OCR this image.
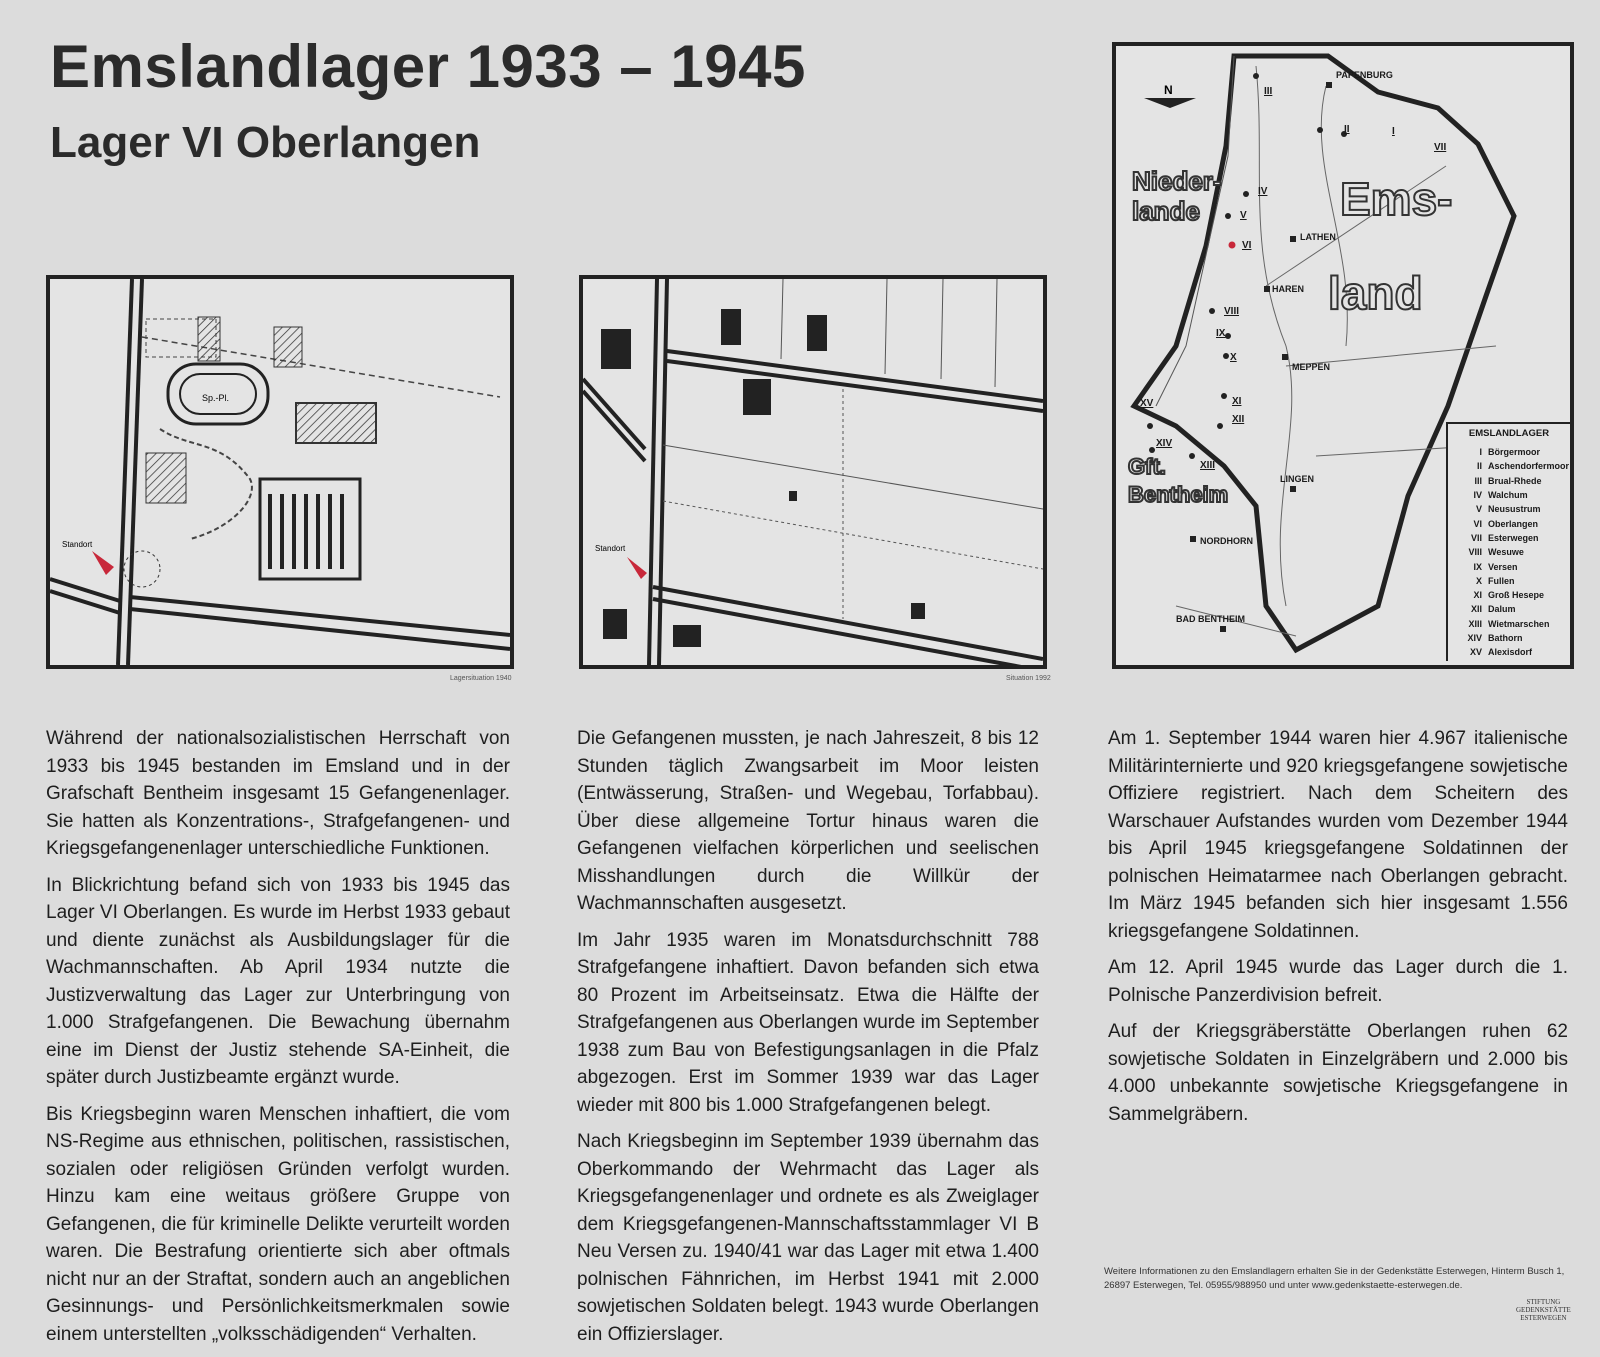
Emslandlager 1933 – 1945
Lager VI Oberlangen
Sp.-Pl.
Standort
Lagersituation 1940
Standort
Situation 1992
N
Nieder-
lande	Ems-
land
Gft.
Bentheim
PAPENBURG
LATHEN
HAREN
MEPPEN
LINGEN
NORDHORN
BAD BENTHEIM
I
II
III
IV
V
VI
VII
VIII
IX
X
XI
XII
XIII
XIV
XV
EMSLANDLAGER
I Börgermoor
II Aschendorfermoor
III Brual-Rhede
IV Walchum
V Neusustrum
VI Oberlangen
VII Esterwegen
VIII Wesuwe
IX Versen
X Fullen
XI Groß Hesepe
XII Dalum
XIII Wietmarschen
XIV Bathorn
XV Alexisdorf

Während der nationalsozialistischen Herrschaft von 1933 bis 1945 bestanden im Emsland und in der Grafschaft Bentheim insgesamt 15 Gefangenenlager. Sie hatten als Konzentrations-, Strafgefangenen- und Kriegsgefangenenlager unterschiedliche Funktionen.

In Blickrichtung befand sich von 1933 bis 1945 das Lager VI Oberlangen. Es wurde im Herbst 1933 gebaut und diente zunächst als Ausbildungslager für die Wachmannschaften. Ab April 1934 nutzte die Justizverwaltung das Lager zur Unterbringung von 1.000 Strafgefangenen. Die Bewachung übernahm eine im Dienst der Justiz stehende SA-Einheit, die später durch Justizbeamte ergänzt wurde.

Bis Kriegsbeginn waren Menschen inhaftiert, die vom NS-Regime aus ethnischen, politischen, rassistischen, sozialen oder religiösen Gründen verfolgt wurden. Hinzu kam eine weitaus größere Gruppe von Gefangenen, die für kriminelle Delikte verurteilt worden waren. Die Bestrafung orientierte sich aber oftmals nicht nur an der Straftat, sondern auch an angeblichen Gesinnungs- und Persönlichkeitsmerkmalen sowie einem unterstellten „volksschädigenden“ Verhalten.

Die Gefangenen mussten, je nach Jahreszeit, 8 bis 12 Stunden täglich Zwangsarbeit im Moor leisten (Entwässerung, Straßen- und Wegebau, Torfabbau). Über diese allgemeine Tortur hinaus waren die Gefangenen vielfachen körperlichen und seelischen Misshandlungen durch die Willkür der Wachmannschaften ausgesetzt.

Im Jahr 1935 waren im Monatsdurchschnitt 788 Strafgefangene inhaftiert. Davon befanden sich etwa 80 Prozent im Arbeitseinsatz. Etwa die Hälfte der Strafgefangenen aus Oberlangen wurde im September 1938 zum Bau von Befestigungsanlagen in die Pfalz abgezogen. Erst im Sommer 1939 war das Lager wieder mit 800 bis 1.000 Strafgefangenen belegt.

Nach Kriegsbeginn im September 1939 übernahm das Oberkommando der Wehrmacht das Lager als Kriegsgefangenenlager und ordnete es als Zweiglager dem Kriegsgefangenen-Mannschaftsstammlager VI B Neu Versen zu. 1940/41 war das Lager mit etwa 1.400 polnischen Fähnrichen, im Herbst 1941 mit 2.000 sowjetischen Soldaten belegt. 1943 wurde Oberlangen ein Offizierslager.

Am 1. September 1944 waren hier 4.967 italienische Militärinternierte und 920 kriegsgefangene sowjetische Offiziere registriert. Nach dem Scheitern des Warschauer Aufstandes wurden vom Dezember 1944 bis April 1945 kriegsgefangene Soldatinnen der polnischen Heimatarmee nach Oberlangen gebracht. Im März 1945 befanden sich hier insgesamt 1.556 kriegsgefangene Soldatinnen.

Am 12. April 1945 wurde das Lager durch die 1. Polnische Panzerdivision befreit.

Auf der Kriegsgräberstätte Oberlangen ruhen 62 sowjetische Soldaten in Einzelgräbern und 2.000 bis 4.000 unbekannte sowjetische Kriegsgefangene in Sammelgräbern.

Weitere Informationen zu den Emslandlagern erhalten Sie in der Gedenkstätte Esterwegen, Hinterm Busch 1, 26897 Esterwegen, Tel. 05955/988950 und unter www.gedenkstaette-esterwegen.de.
STIFTUNG
GEDENKSTÄTTE
ESTERWEGEN
